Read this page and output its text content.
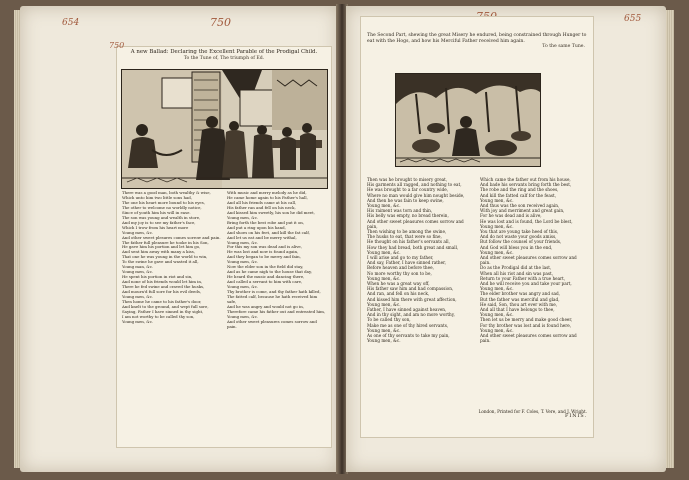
654	750
750
A new Ballad: Declaring the Excellent Parable of the Prodigal Child.
To the Tune of, The triumph of Ed.
There was a good man, both wealthy & wise,
Which unto him two little sons had,
The one his heart more bound to his eyes,
The other to welcome no worldly notice,
Since of youth him his will in ease.
The son was young and wealth in store,
And my joy is to see my father's face,
Which I trow from his heart more
Young men, &c.
And other sweet plesures comes sorrow and pain.
The father full pleasure he tooke in his Son,
He gave him his portion and let him go,
And sent him away with many a kiss,
That one he was young in the world to win,
To the swine he gave and wasted it all,
Young man, &c.
Young men, &c.
He spent his portion in riot and sin,
And none of his friends would let him in,
There he fed swine and craved the husks,
And mourn'd full sore for his evil deeds,
Young men, &c.
Then home he came to his father's door,
And knelt to the ground, and wept full sore,
Saying, Father I have sinned in thy sight,
I am not worthy to be called thy son,
Young men, &c.
With music and merry melody as he did,
He came home again to his Father's hall,
And all his friends came at his call,
His father ran and fell on his neck,
And kissed him sweetly, his son he did meet,
Young men, &c.
Bring forth the best robe and put it on,
And put a ring upon his hand,
And shoes on his feet, and kill the fat calf,
And let us eat and be merry withal,
Young men, &c.
For this my son was dead and is alive,
He was lost and now is found again,
And they began to be merry and fain,
Young men, &c.
Now the elder son in the field did stay,
And as he came nigh to the house that day,
He heard the music and dancing there,
And called a servant to him with care,
Young men, &c.
Thy brother is come, and thy father hath killed,
The fatted calf, because he hath received him safe,
And he was angry and would not go in,
Therefore came his father out and entreated him,
Young men, &c.
And other sweet pleasures comes sorrow and pain.
655
The Second Part, shewing the great Misery he endured, being constrained through Hunger to eat with the Hogs, and how his Merciful Father received him again.
To the same Tune.
Then was he brought to misery great,
His garments all ragged, and nothing to eat,
He was brought to a far country wide,
Where no man would give him nought beside,
And then he was fain to keep swine,
Young men, &c.
His raiment was torn and thin,
His belly was empty, no bread therein,
And other sweet pleasures comes sorrow and pain,
Then wishing to be among the swine,
The husks to eat, that were so fine,
He thought on his father's servants all,
How they had bread, both great and small,
Young men, &c.
I will arise and go to my father,
And say, Father, I have sinned rather,
Before heaven and before thee,
No more worthy thy son to be,
Young men, &c.
When he was a great way off,
His father saw him and had compassion,
And ran, and fell on his neck,
And kissed him there with great affection,
Young men, &c.
Father, I have sinned against heaven,
And in thy sight, and am no more worthy,
To be called thy son,
Make me as one of thy hired servants,
Young men, &c.
As one of thy servants to take my pain,
Young men, &c.
Which came the father out from his house,
And bade his servants bring forth the best,
The robe and the ring and the shoes,
And kill the fatted calf for the feast,
Young men, &c.
And thus was the son received again,
With joy and merriment and great gain,
For he was dead and is alive,
He was lost and is found, the Lord be blest,
Young men, &c.
You that are young take heed of this,
And do not waste your goods amiss,
But follow the counsel of your friends,
And God will bless you in the end,
Young men, &c.
And other sweet pleasures comes sorrow and pain.
Do as the Prodigal did at the last,
When all his riot and sin was past,
Return to your Father with a true heart,
And he will receive you and take your part,
Young men, &c.
The elder brother was angry and sad,
But the father was merciful and glad,
He said, Son, thou art ever with me,
And all that I have belongs to thee,
Young men, &c.
Then let us be merry and make good cheer,
For thy brother was lost and is found here,
Young men, &c.
And other sweet pleasures comes sorrow and pain.
London, Printed for F. Coles, T. Vere, and J. Wright.
FINIS.
